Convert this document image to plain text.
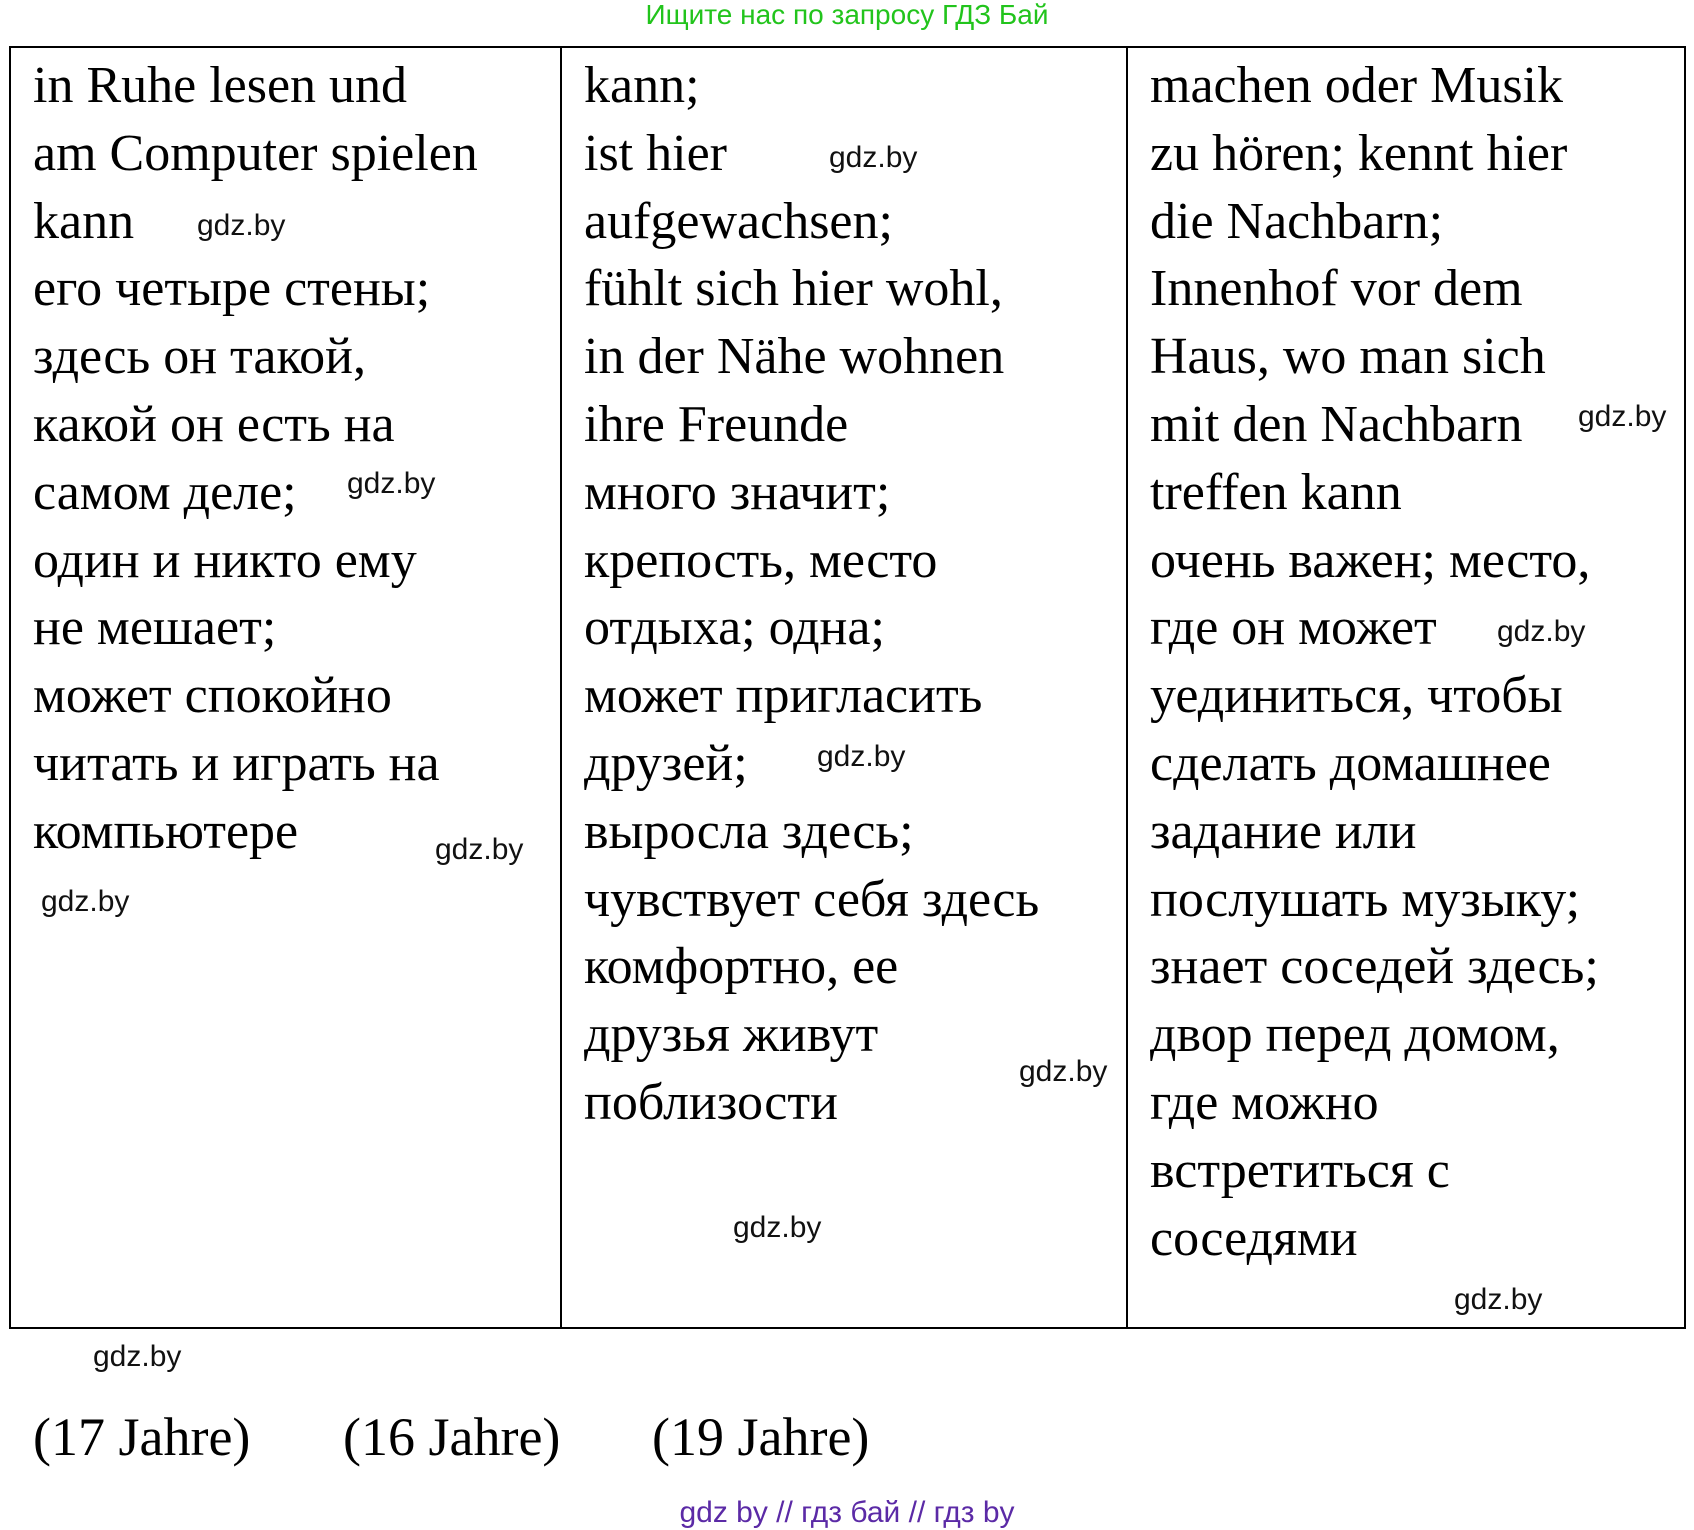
Ищите нас по запросу ГДЗ Бай
in Ruhe lesen und
am Computer spielen
kann
его четыре стены;
здесь он такой,
какой он есть на
самом деле;
один и никто ему
не мешает;
может спокойно
читать и играть на
компьютере
kann;
ist hier
aufgewachsen;
fühlt sich hier wohl,
in der Nähe wohnen
ihre Freunde
много значит;
крепость, место
отдыха; одна;
может пригласить
друзей;
выросла здесь;
чувствует себя здесь
комфортно, ее
друзья живут
поблизости
machen oder Musik
zu hören; kennt hier
die Nachbarn;
Innenhof vor dem
Haus, wo man sich
mit den Nachbarn
treffen kann
очень важен; место,
где он может
уединиться, чтобы
сделать домашнее
задание или
послушать музыку;
знает соседей здесь;
двор перед домом,
где можно
встретиться с
соседями
gdz.by
gdz.by
gdz.by
gdz.by
gdz.by
gdz.by
gdz.by
gdz.by
gdz.by
gdz.by
gdz.by
gdz.by
(17 Jahre) (16 Jahre) (19 Jahre)
gdz by // гдз бай // гдз by
